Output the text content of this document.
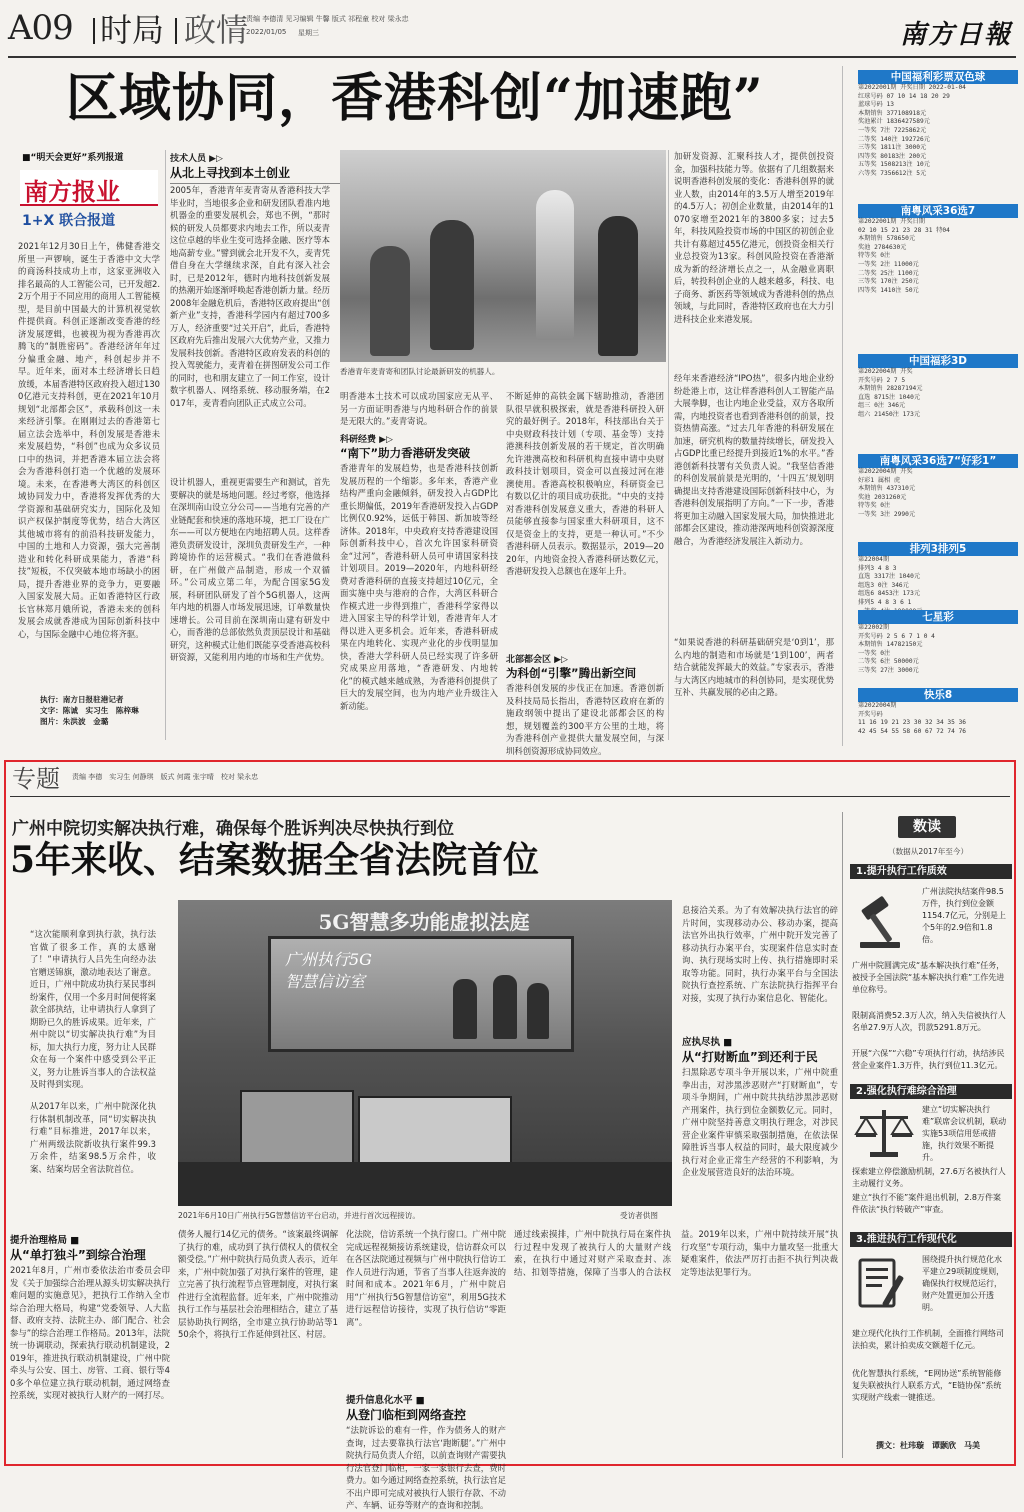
A09 时局 政情
责编 李德清 见习编辑 牛馨 版式 祁程童 校对 梁永忠
2022/01/05 星期三	南方日報
区域协同，香港科创“加速跑”
■“明天会更好”系列报道
南方报业
1+X 联合报道
2021年12月30日上午，佛健香港交所里一声锣响，诞生于香港中文大学的商汤科技成功上市，这家亚洲收入排名最高的人工智能公司，已开发超2.2万个用于不同应用的商用人工智能模型，是目前中国最大的计算机视觉软件提供商。科创正逐渐改变香港的经济发展逻辑，也被视为视为香港再次腾飞的“制胜密码”。香港经济年年过分偏重金融、地产，科创起步并不早。近年来，面对本土经济增长日趋放缓，本届香港特区政府投入超过1300亿港元支持科创，更在2021年10月规划“北部都会区”，承载科创这一未来经济引擎。在刚刚过去的香港第七届立法会选举中，科创发展是香港未来发展趋势，“科创”也成为众多议员口中的热词，并把香港本届立法会将会为香港科创打造一个优越的发展环境。未来，在香港粤大湾区的科创区域协同发力中，香港将发挥优秀的大学资源和基础研究实力，国际化及知识产权保护制度等优势，结合大湾区其他城市将有的前沿科技研发能力，中国的土地和人力资源，强大完善制造业和转化科研成果能力，香港“科技”短板，不仅突破本地市场缺小的困局，提升香港业界的竞争力，更要融入国家发展大局。正如香港特区行政长官林郑月娥所说，香港未来的创科发展会成就香港成为国际创新科技中心，与国际金融中心地位将齐驱。
执行：南方日报驻港记者
文字：陈诚　实习生　陈梓琳
图片：朱洪波　金璐
技术人员 ▶▷
从北上寻找到本土创业
2005年，香港青年麦青寄从香港科技大学毕业时，当地很多企业和研发团队看准内地机器金的重要发展机会，郑也不例，“那时候的研发人员都要求内地去工作，所以麦青这位卓越的毕业生变可选择金融、医疗等本地高薪专业。”譬到就会北开发不久，麦青凭借自身在大学继续求深，自此有深入社会时，已是2012年，德时内地科技创新发展的热潮开始逐渐呼唤起香港创新力量。经历2008年金融危机后，香港特区政府提出“创新产业”支持，香港科学园内有超过700多万人，经济重要“过关开启”，此后，香港特区政府先后推出发展六大优势产业，又推力发展科技创新。香港特区政府发表的科创的投入驾驶能力，麦青着在拼图研发公司工作的同时，也和朋友建立了一间工作室，设计数字机器人、网络系统、移动服务端，在2017年，麦青看向团队正式成立公司。
设计机器人，重视更需要生产和测试，首先要解决的就是场地问题。经过考察，他选择在深圳南山设立分公司——当地有完善的产业链配套和快速的落地环境，把工厂设在广东——可以方便地在内地招聘人员。这样香港负责研发设计，深圳负责研发生产，一种跨境协作的运营模式。“我们在香港做科研，在广州做产品制造，形成一个双循环。”公司成立第二年，为配合国家5G发展，科研团队研发了首个5G机器人，这两年内地的机器人市场发展迅速，订单数量快速增长。公司目前在深圳南山建有研发中心，而香港的总部依然负责顶层设计和基础研究，这种模式让他们既能享受香港高校科研资源，又能利用内地的市场和生产优势。
香港青年麦青寄和团队讨论最新研发的机器人。
明香港本土技术可以成功国家应无从平、另一方面证明香港与内地科研合作的前景是无限大的。”麦青寄说。
科研经费 ▶▷
“南下”助力香港研发突破
香港青年的发展趋势，也是香港科技创新发展历程的一个缩影。多年来，香港产业结构严重向金融倾斜，研发投入占GDP比重长期偏低，2019年香港研发投入占GDP比例仅0.92%，远低于韩国、新加坡等经济体。2018年，中央政府支持香港建设国际创新科技中心，首次允许国家科研资金“过河”，香港科研人员可申请国家科技计划项目。2019—2020年，内地科研经费对香港科研的直接支持超过10亿元，全面实施中央与港府的合作，大湾区科研合作模式进一步得到推广，香港科学家得以进入国家主导的科学计划，香港青年人才得以进入更多机会。近年来，香港科研成果在内地转化、实现产业化的步伐明显加快，香港大学科研人员已经实现了许多研究成果应用落地，“香港研发、内地转化”的模式越来越成熟，为香港科创提供了巨大的发展空间，也为内地产业升级注入新动能。
不断延伸的高铁金属下辖助推动，香港团队很早就积极探索，就是香港科研投入研究的最好例子。2018年，科技部出台关于中央财政科技计划（专项、基金等）支持港澳科技创新发展的若干规定，首次明确允许港澳高校和科研机构直接申请中央财政科技计划项目，资金可以直接过河在港澳使用。香港高校积极响应，科研资金已有数以亿计的项目成功获批。“中央的支持对香港科创发展意义重大，香港的科研人员能够直接参与国家重大科研项目，这不仅是资金上的支持，更是一种认可。”不少香港科研人员表示。数据显示，2019—2020年，内地资金投入香港科研达数亿元，香港研发投入总额也在逐年上升。
北部都会区 ▶▷
为科创“引擎”腾出新空间
香港科创发展的步伐正在加速。香港创新及科技局局长指出，香港特区政府在新的施政纲领中提出了建设北部都会区的构想，规划覆盖约300平方公里的土地，将为香港科创产业提供大量发展空间，与深圳科创资源形成协同效应。
加研发资源、汇聚科技人才，提供创投资金，加强科技能力等。依据有了几组数据来说明香港科创发展的变化：香港科创界的就业人数，由2014年的3.5万人增至2019年的4.5万人；初创企业数量，由2014年的1070家增至2021年的3800多家；过去5年，科技风险投资市场的中国区的初创企业共计有募超过455亿港元，创投资金相关行业总投资为13家。科创风险投资在香港渐成为新的经济增长点之一，从金融业离职后，转投科创企业的人越来越多，科技、电子商务、新医药等领域成为香港科创的热点领域，与此同时，香港特区政府也在大力引进科技企业来港发展。
经年来香港经济“IPO热”，很多内地企业纷纷赴港上市，这让样香港科创人工智能产品大展拳脚，也让内地企业受益，双方各取所需，内地投资者也看到香港科创的前景，投资热情高涨。“过去几年香港的科研发展在加速，研究机构的数量持续增长，研发投入占GDP比重已经提升到接近1%的水平。”香港创新科技署有关负责人说。“我坚信香港的科创发展前景是光明的，‘十四五’规划明确提出支持香港建设国际创新科技中心，为香港科创发展指明了方向。”一下一步，香港将更加主动融入国家发展大局，加快推进北部都会区建设，推动港深两地科创资源深度融合，为香港经济发展注入新动力。
“如果说香港的科研基础研究是‘0到1’，那么内地的制造和市场就是‘1到100’，两者结合就能发挥最大的效益。”专家表示，香港与大湾区内地城市的科创协同，是实现优势互补、共赢发展的必由之路。
中国福利彩票双色球
第2022001期 开奖日期 2022-01-04
红球号码 07 10 14 18 20 29
蓝球号码 13
本期销售 377108918元
奖池累计 1836427589元
一等奖 7注 7225862元
二等奖 140注 192726元
三等奖 1811注 3000元
四等奖 80183注 200元
五等奖 1508213注 10元
六等奖 7356612注 5元
南粤风采36选7
第2022001期 开奖日期
02 10 15 21 23 28 31 特04
本期销售 578650元
奖池 2784630元
特等奖 0注
一等奖 2注 11000元
二等奖 25注 1100元
三等奖 170注 250元
四等奖 1410注 50元
中国福彩3D
第2022004期 开奖
开奖号码 2 7 5
本期销售 28287194元
直选 8715注 1040元
组三 0注 346元
组六 21450注 173元
南粤风采36选7“好彩1”
第2022004期 开奖
好彩1 属相 虎
本期销售 437310元
奖池 2031260元
特等奖 0注
一等奖 3注 2990元
排列3排列5
第22004期
排列3 4 8 3
直选 3317注 1040元
组选3 0注 346元
组选6 8453注 173元
排列5 4 8 3 6 1

七星彩
第22002期
开奖号码 2 5 6 7 1 0 4
本期销售 14782150元
一等奖 0注
二等奖 6注 50000元
三等奖 27注 3000元
快乐8
第2022004期
开奖号码
11 16 19 21 23 30 32 34 35 36
42 45 54 55 58 60 67 72 74 76
专题 责编 李德　实习生 何静琪　版式 何霞 张宇晴　校对 梁永忠
广州中院切实解决执行难，确保每个胜诉判决尽快执行到位
5年来收、结案数据全省法院首位
“这次能顺利拿到执行款，执行法官做了很多工作，真的太感谢了！”申请执行人吕先生向经办法官赠送锦旗，激动地表达了谢意。近日，广州中院成功执行某民事纠纷案件，仅用一个多月时间便将案款全部执结，让申请执行人拿到了期盼已久的胜诉成果。近年来，广州中院以“切实解决执行难”为目标，加大执行力度，努力让人民群众在每一个案件中感受到公平正义，努力让胜诉当事人的合法权益及时得到实现。
从2017年以来，广州中院深化执行体制机制改革，同“切实解决执行难”目标推进，2017年以来，广州两级法院新收执行案件99.3万余件，结案98.5万余件，收案、结案均居全省法院首位。
5G智慧多功能虚拟法庭
广州执行5G
智慧信访室
2021年6月10日广州执行5G智慧信访平台启动，并进行首次远程接访。	受访者供图
提升治理格局 ■
从“单打独斗”到综合治理
2021年8月，广州市委依法治市委员会印发《关于加强综合治理从源头切实解决执行难问题的实施意见》，把执行工作纳入全市综合治理大格局，构建“党委领导、人大监督、政府支持、法院主办、部门配合、社会参与”的综合治理工作格局。2013年，法院统一协调联动，探索执行联动机制建设，2019年，推进执行联动机制建设，广州中院牵头与公安、国土、房管、工商、银行等40多个单位建立执行联动机制，通过网络查控系统，实现对被执行人财产的一网打尽。
债务人履行14亿元的债务。“该案最终调解了执行的难，成功到了执行债权人的债权全额受偿。”广州中院执行局负责人表示，近年来，广州中院加强了对执行案件的管理，建立完善了执行流程节点管理制度，对执行案件进行全流程监督。近年来，广州中院推动执行工作与基层社会治理相结合，建立了基层协助执行网络，全市建立执行协助站等150余个，将执行工作延伸到社区、村居。
化法院，信访系统一个执行窗口。广州中院完成远程视频接访系统建设，信访群众可以在各区法院通过视频与广州中院执行信访工作人员进行沟通，节省了当事人往返奔波的时间和成本。2021年6月，广州中院启用“广州执行5G智慧信访室”，利用5G技术进行远程信访接待，实现了执行信访“零距离”。
提升信息化水平 ■
从登门临柜到网络查控
“法院诉讼的难有一件，作为债务人的财产查询，过去要靠执行法官‘跑断腿’。”广州中院执行局负责人介绍，以前查询财产需要执行法官登门临柜，一家一家银行去查，费时费力。如今通过网络查控系统，执行法官足不出户即可完成对被执行人银行存款、不动产、车辆、证券等财产的查询和控制。
息接洽关系。为了有效解决执行法官的碎片时间，实现移动办公、移动办案，提高法官外出执行效率，广州中院开发完善了移动执行办案平台，实现案件信息实时查询、执行现场实时上传、执行措施即时采取等功能。同时，执行办案平台与全国法院执行查控系统、广东法院执行指挥平台对接，实现了执行办案信息化、智能化。
应执尽执 ■
从“打财断血”到还利于民
扫黑除恶专项斗争开展以来，广州中院重拳出击，对涉黑涉恶财产“打财断血”，专项斗争期间，广州中院共执结涉黑涉恶财产刑案件，执行到位金额数亿元。同时，广州中院坚持善意文明执行理念，对涉民营企业案件审慎采取强制措施，在依法保障胜诉当事人权益的同时，最大限度减少执行对企业正常生产经营的不利影响，为企业发展营造良好的法治环境。
通过线索摸排，广州中院执行局在案件执行过程中发现了被执行人的大量财产线索，在执行中通过对财产采取查封、冻结、扣划等措施，保障了当事人的合法权益。2019年以来，广州中院持续开展“执行攻坚”专项行动，集中力量攻坚一批重大疑难案件，依法严厉打击拒不执行判决裁定等违法犯罪行为。
数读
（数据从2017年至今）
1.提升执行工作质效
广州法院执结案件98.5万件，执行到位金额1154.7亿元，分别是上个5年的2.9倍和1.8倍。
广州中院圆满完成“基本解决执行难”任务，被授予全国法院“基本解决执行难”工作先进单位称号。
限制高消费52.3万人次，纳入失信被执行人名单27.9万人次，罚款5291.8万元。
开展“六保”“六稳”专项执行行动，执结涉民营企业案件1.3万件，执行到位11.3亿元。
2.强化执行难综合治理
建立“切实解决执行难”联席会议机制，联动实施53项信用惩戒措施，执行效果不断提升。
探索建立停偿激励机制，27.6万名被执行人主动履行义务。
建立“执行不能”案件退出机制，2.8万件案件依法“执行转破产”审查。
3.推进执行工作现代化
围绕提升执行规范化水平建立29项制度规则，确保执行权规范运行，财产处置更加公开透明。
建立现代化执行工作机制，全面推行网络司法拍卖，累计拍卖成交额超千亿元。
优化智慧执行系统，“E网协送”系统智能修复失联被执行人联系方式，“E链协保”系统实现财产线索一键推送。
撰文：杜玮璇　谭颢欣　马美
